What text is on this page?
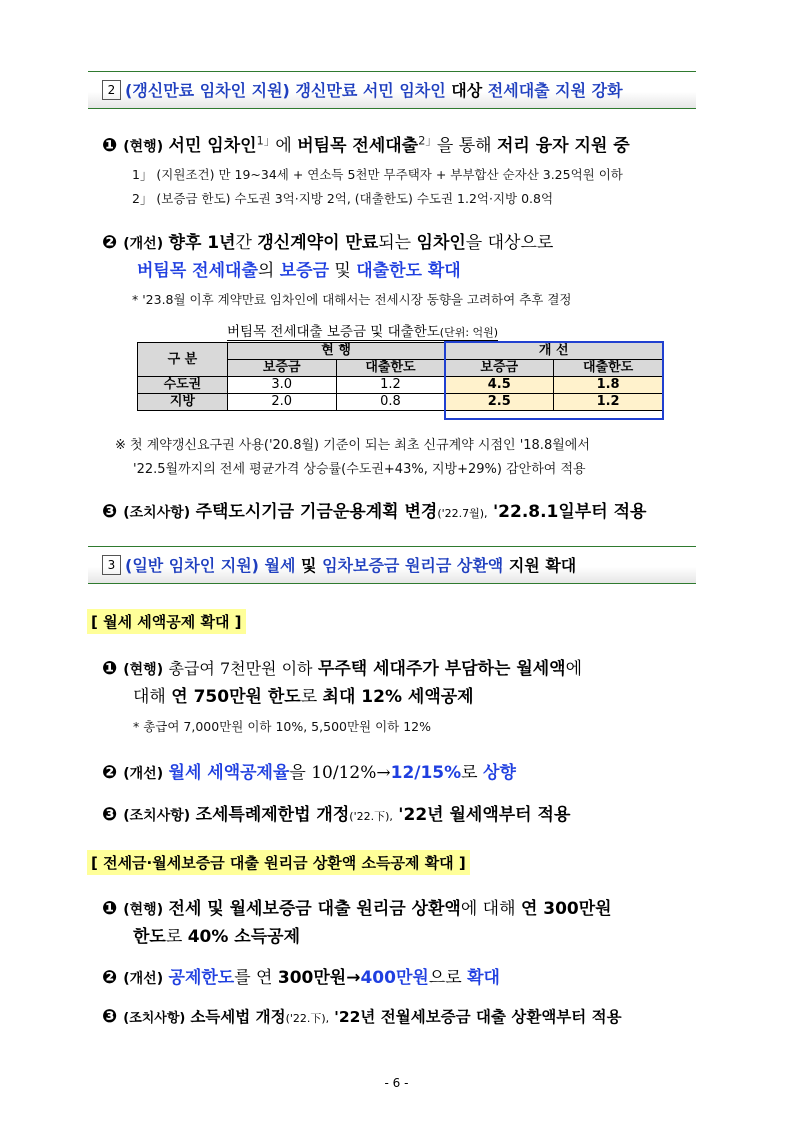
2 (갱신만료 임차인 지원) 갱신만료 서민 임차인 대상 전세대출 지원 강화
❶ (현행) 서민 임차인$^{1」}$에 버팀목 전세대출$^{2」}$을 통해 저리 융자 지원 중
1」 (지원조건) 만 19~34세 + 연소득 5천만 무주택자 + 부부합산 순자산 3.25억원 이하
2」 (보증금 한도) 수도권 3억·지방 2억, (대출한도) 수도권 1.2억·지방 0.8억
❷ (개선) 향후 1년간 갱신계약이 만료되는 임차인을 대상으로
버팀목 전세대출의 보증금 및 대출한도 확대
* '23.8월 이후 계약만료 임차인에 대해서는 전세시장 동향을 고려하여 추후 결정
버팀목 전세대출 보증금 및 대출한도(단위: 억원)
구 분	현 행		개 선	
	보증금	대출한도	보증금	대출한도
수도권	3.0	1.2	4.5	1.8
지방	2.0	0.8	2.5	1.2
※ 첫 계약갱신요구권 사용('20.8월) 기준이 되는 최초 신규계약 시점인 '18.8월에서
'22.5월까지의 전세 평균가격 상승률(수도권+43%, 지방+29%) 감안하여 적용
❸ (조치사항) 주택도시기금 기금운용계획 변경('22.7월), '22.8.1일부터 적용
3 (일반 임차인 지원) 월세 및 임차보증금 원리금 상환액 지원 확대
[ 월세 세액공제 확대 ]
❶ (현행) 총급여 7천만원 이하 무주택 세대주가 부담하는 월세액에
대해 연 750만원 한도로 최대 12% 세액공제
* 총급여 7,000만원 이하 10%, 5,500만원 이하 12%
❷ (개선) 월세 세액공제율을 10/12%→12/15%로 상향
❸ (조치사항) 조세특례제한법 개정('22.下), '22년 월세액부터 적용
[ 전세금·월세보증금 대출 원리금 상환액 소득공제 확대 ]
❶ (현행) 전세 및 월세보증금 대출 원리금 상환액에 대해 연 300만원
한도로 40% 소득공제
❷ (개선) 공제한도를 연 300만원→400만원으로 확대
❸ (조치사항) 소득세법 개정('22.下), '22년 전월세보증금 대출 상환액부터 적용
- 6 -
